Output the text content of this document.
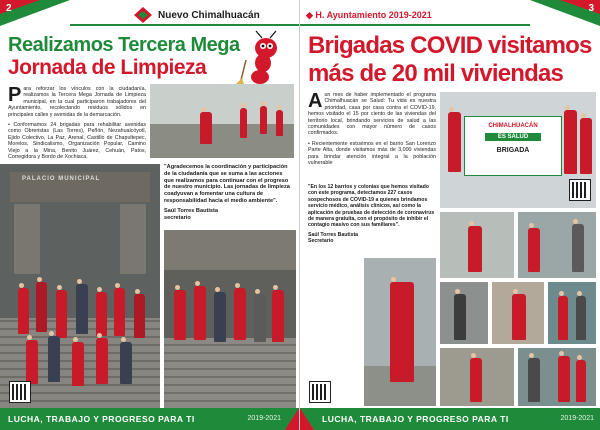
2
Nuevo Chimalhuacán
Realizamos Tercera Mega
Jornada de Limpieza
Para reforzar los vínculos con la ciudadanía, realizamos la Tercera Mega Jornada de Limpieza municipal, en la cual participaron trabajadores del Ayuntamiento, recolectando residuos sólidos en principales calles y avenidas de la demarcación.
• Conformamos 24 brigadas para rehabilitar avenidas como Obreristas (Las Torres), Peñón, Nezahualcóyotl, Ejido Colectivo, La Paz, Arenal, Castillo de Chapultepec, Morelos, Sindicalismo, Organización Popular, Camino Viejo a la Mina, Benito Juárez, Cehuán, Patos, Corregidora y Bordo de Xochiaca.
"Agradecemos la coordinación y participación de la ciudadanía que se suma a las acciones que realizamos para continuar con el progreso de nuestro municipio. Las jornadas de limpieza coadyuvan a fomentar una cultura de responsabilidad hacia el medio ambiente".
Saúl Torres Bautista
secretario
PALACIO MUNICIPAL
LUCHA, TRABAJO Y PROGRESO PARA TI	2019-2021
3
◆ H. Ayuntamiento 2019-2021
Brigadas COVID visitamos
más de 20 mil viviendas
Aun mes de haber implementado el programa Chimalhuacán se Salud: Tu vida es nuestra prioridad, casa por casa contra el COVID-19, hemos visitado el 15 por ciento de las viviendas del territorio local, brindando servicios de salud a las comunidades con mayor número de casos confirmados.
• Recientemente estuvimos en el barrio San Lorenzo Parte Alta, donde visitamos más de 3,000 viviendas para brindar atención integral a la población vulnerable
"En los 12 barrios y colonias que hemos visitado con este programa, detectamos 227 casos sospechosos de COVID-19 a quienes brindamos servicio médico, análisis clínicos, así como la aplicación de pruebas de detección de coronavirus de manera gratuita, con el propósito de inhibir el contagio masivo con sus familiares".
Saúl Torres Bautista
Secretario
CHIMALHUACÁN
ES SALUD
BRIGADA
LUCHA, TRABAJO Y PROGRESO PARA TI	2019-2021
